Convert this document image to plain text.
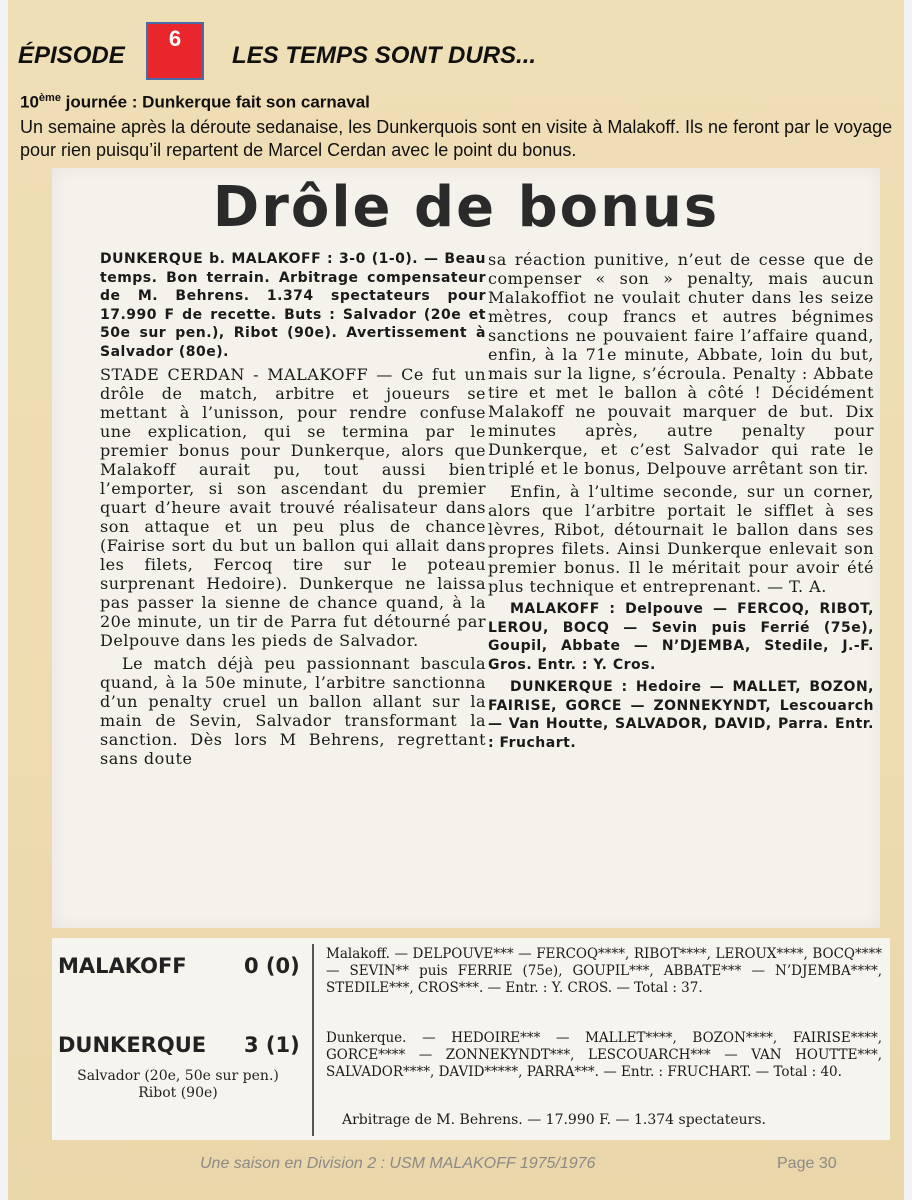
ÉPISODE
6
LES TEMPS SONT DURS...
10ème journée : Dunkerque fait son carnaval
Un semaine après la déroute sedanaise, les Dunkerquois sont en visite à Malakoff. Ils ne feront par le voyage pour rien puisqu’il repartent de Marcel Cerdan avec le point du bonus.
Drôle de bonus

DUNKERQUE b. MALAKOFF : 3-0 (1-0). — Beau temps. Bon terrain. Arbitrage compensateur de M. Behrens. 1.374 spectateurs pour 17.990 F de recette. Buts : Salvador (20e et 50e sur pen.), Ribot (90e). Avertissement à Salvador (80e).

STADE CERDAN - MALAKOFF — Ce fut un drôle de match, arbitre et joueurs se mettant à l’unisson, pour rendre confuse une explication, qui se termina par le premier bonus pour Dunkerque, alors que Malakoff aurait pu, tout aussi bien l’emporter, si son ascendant du premier quart d’heure avait trouvé réalisateur dans son attaque et un peu plus de chance (Fairise sort du but un ballon qui allait dans les filets, Fercoq tire sur le poteau surprenant Hedoire). Dunkerque ne laissa pas passer la sienne de chance quand, à la 20e minute, un tir de Parra fut détourné par Delpouve dans les pieds de Salvador.

Le match déjà peu passionnant bascula quand, à la 50e minute, l’arbitre sanctionna d’un penalty cruel un ballon allant sur la main de Sevin, Salvador transformant la sanction. Dès lors M Behrens, regrettant sans doute

sa réaction punitive, n’eut de cesse que de compenser « son » penalty, mais aucun Malakoffiot ne voulait chuter dans les seize mètres, coup francs et autres bégnimes sanctions ne pouvaient faire l’affaire quand, enfin, à la 71e minute, Abbate, loin du but, mais sur la ligne, s’écroula. Penalty : Abbate tire et met le ballon à côté ! Décidément Malakoff ne pouvait marquer de but. Dix minutes après, autre penalty pour Dunkerque, et c’est Salvador qui rate le triplé et le bonus, Delpouve arrêtant son tir.

Enfin, à l’ultime seconde, sur un corner, alors que l’arbitre portait le sifflet à ses lèvres, Ribot, détournait le ballon dans ses propres filets. Ainsi Dunkerque enlevait son premier bonus. Il le méritait pour avoir été plus technique et entreprenant. — T. A.

MALAKOFF : Delpouve — FERCOQ, RIBOT, LEROU, BOCQ — Sevin puis Ferrié (75e), Goupil, Abbate — N’DJEMBA, Stedile, J.-F. Gros. Entr. : Y. Cros.

DUNKERQUE : Hedoire — MALLET, BOZON, FAIRISE, GORCE — ZONNEKYNDT, Lescouarch — Van Houtte, SALVADOR, DAVID, Parra. Entr. : Fruchart.

MALAKOFF	0 (0)
DUNKERQUE 3 (1)
Salvador (20e, 50e sur pen.)
Ribot (90e)
Malakoff. — DELPOUVE*** — FERCOQ****, RIBOT****, LEROUX****, BOCQ**** — SEVIN** puis FERRIE (75e), GOUPIL***, ABBATE*** — N’DJEMBA****, STEDILE***, CROS***. — Entr. : Y. CROS. — Total : 37.
Dunkerque. — HEDOIRE*** — MALLET****, BOZON****, FAIRISE****, GORCE**** — ZONNEKYNDT***, LESCOUARCH*** — VAN HOUTTE***, SALVADOR****, DAVID*****, PARRA***. — Entr. : FRUCHART. — Total : 40.
Arbitrage de M. Behrens. — 17.990 F. — 1.374 spectateurs.
Une saison en Division 2 : USM MALAKOFF 1975/1976	Page 30
